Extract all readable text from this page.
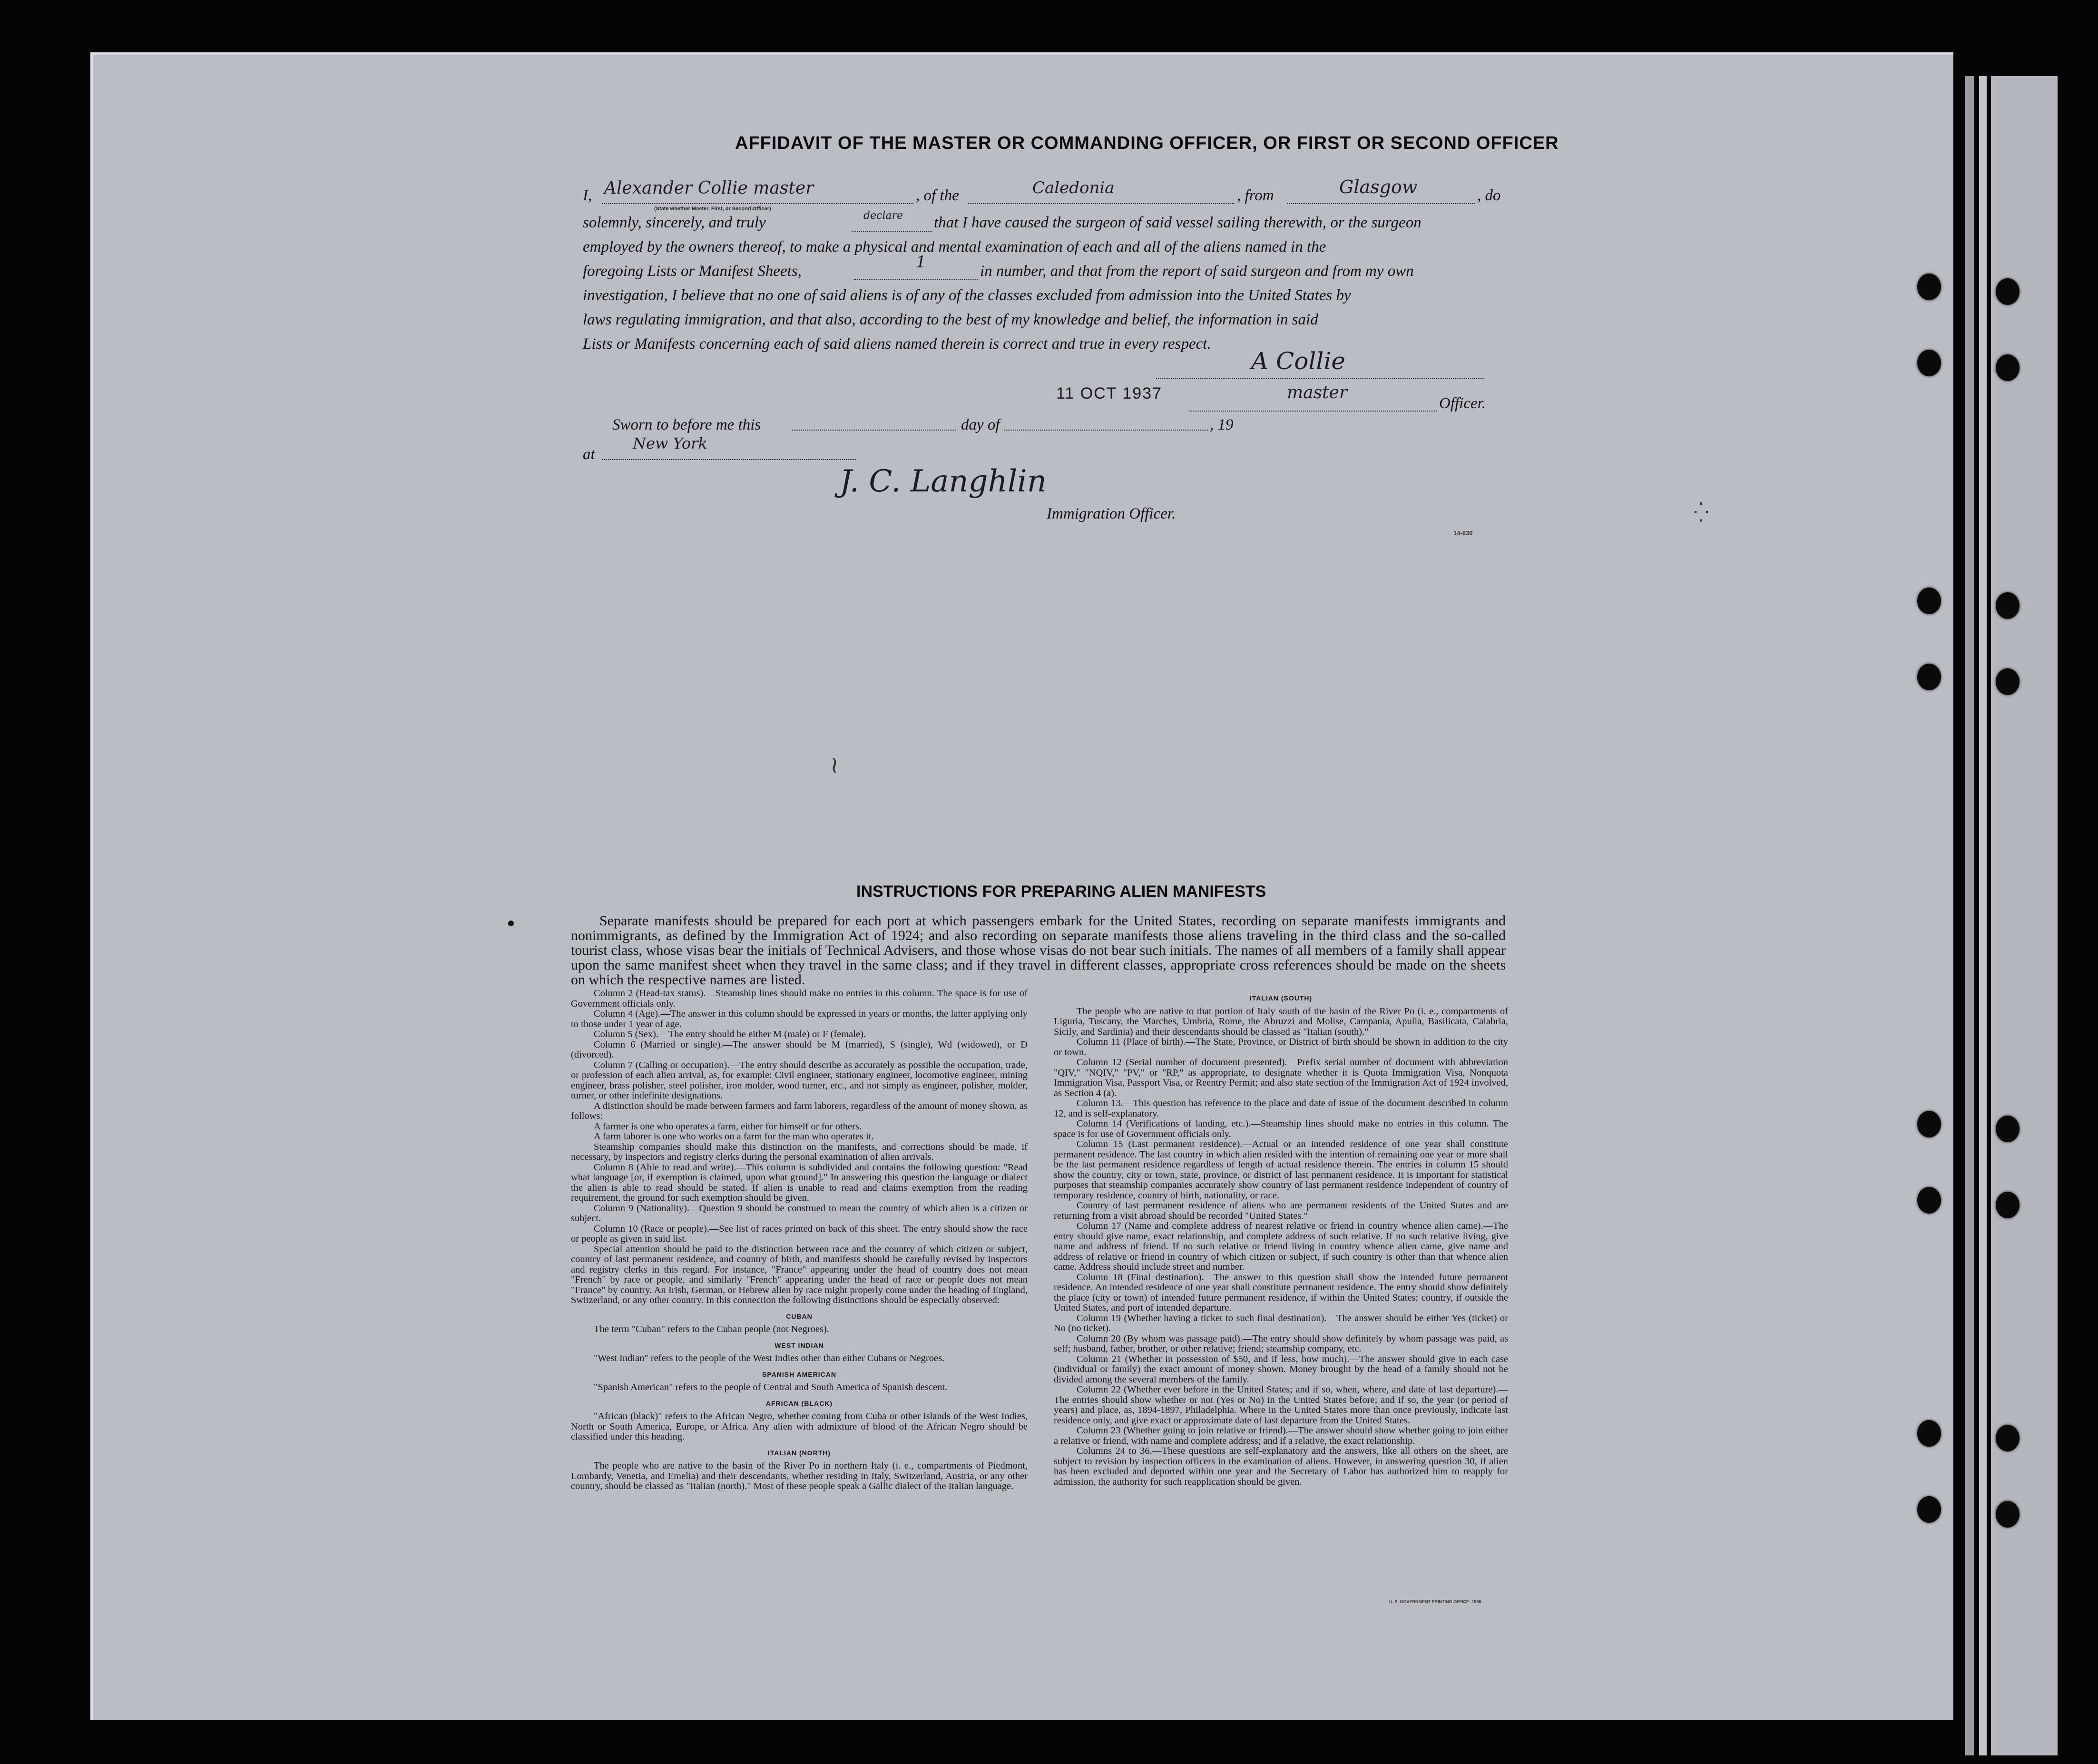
⁛
≀
AFFIDAVIT OF THE MASTER OR COMMANDING OFFICER, OR FIRST OR SECOND OFFICER
I, Alexander Collie master
(State whether Master, First, or Second Officer)
, of the	Caledonia	, from	Glasgow	, do
solemnly, sincerely, and truly	declare that I have caused the surgeon of said vessel sailing therewith, or the surgeon
employed by the owners thereof, to make a physical and mental examination of each and all of the aliens named in the
foregoing Lists or Manifest Sheets,	1	in number, and that from the report of said surgeon and from my own
investigation, I believe that no one of said aliens is of any of the classes excluded from admission into the United States by
laws regulating immigration, and that also, according to the best of my knowledge and belief, the information in said
Lists or Manifests concerning each of said aliens named therein is correct and true in every respect.
A Collie
master
Officer.
Sworn to before me this	day of	, 19
at
New York
J. C. Langhlin
Immigration Officer.
11 OCT 1937
14-630
INSTRUCTIONS FOR PREPARING ALIEN MANIFESTS

Separate manifests should be prepared for each port at which passengers embark for the United States, recording on separate manifests immigrants and nonimmigrants, as defined by the Immigration Act of 1924; and also recording on separate manifests those aliens traveling in the third class and the so-called tourist class, whose visas bear the initials of Technical Advisers, and those whose visas do not bear such initials. The names of all members of a family shall appear upon the same manifest sheet when they travel in the same class; and if they travel in different classes, appropriate cross references should be made on the sheets on which the respective names are listed.

Column 2 (Head-tax status).—Steamship lines should make no entries in this column. The space is for use of Government officials only.

Column 4 (Age).—The answer in this column should be expressed in years or months, the latter applying only to those under 1 year of age.

Column 5 (Sex).—The entry should be either M (male) or F (female).

Column 6 (Married or single).—The answer should be M (married), S (single), Wd (widowed), or D (divorced).

Column 7 (Calling or occupation).—The entry should describe as accurately as possible the occupation, trade, or profession of each alien arrival, as, for example: Civil engineer, stationary engineer, locomotive engineer, mining engineer, brass polisher, steel polisher, iron molder, wood turner, etc., and not simply as engineer, polisher, molder, turner, or other indefinite designations.

A distinction should be made between farmers and farm laborers, regardless of the amount of money shown, as follows:

A farmer is one who operates a farm, either for himself or for others.

A farm laborer is one who works on a farm for the man who operates it.

Steamship companies should make this distinction on the manifests, and corrections should be made, if necessary, by inspectors and registry clerks during the personal examination of alien arrivals.

Column 8 (Able to read and write).—This column is subdivided and contains the following question: "Read what language [or, if exemption is claimed, upon what ground]." In answering this question the language or dialect the alien is able to read should be stated. If alien is unable to read and claims exemption from the reading requirement, the ground for such exemption should be given.

Column 9 (Nationality).—Question 9 should be construed to mean the country of which alien is a citizen or subject.

Column 10 (Race or people).—See list of races printed on back of this sheet. The entry should show the race or people as given in said list.

Special attention should be paid to the distinction between race and the country of which citizen or subject, country of last permanent residence, and country of birth, and manifests should be carefully revised by inspectors and registry clerks in this regard. For instance, "France" appearing under the head of country does not mean "French" by race or people, and similarly "French" appearing under the head of race or people does not mean "France" by country. An Irish, German, or Hebrew alien by race might properly come under the heading of England, Switzerland, or any other country. In this connection the following distinctions should be especially observed:

CUBAN

The term "Cuban" refers to the Cuban people (not Negroes).

WEST INDIAN

"West Indian" refers to the people of the West Indies other than either Cubans or Negroes.

SPANISH AMERICAN

"Spanish American" refers to the people of Central and South America of Spanish descent.

AFRICAN (BLACK)

"African (black)" refers to the African Negro, whether coming from Cuba or other islands of the West Indies, North or South America, Europe, or Africa. Any alien with admixture of blood of the African Negro should be classified under this heading.

ITALIAN (NORTH)

The people who are native to the basin of the River Po in northern Italy (i. e., compartments of Piedmont, Lombardy, Venetia, and Emelia) and their descendants, whether residing in Italy, Switzerland, Austria, or any other country, should be classed as "Italian (north)." Most of these people speak a Gallic dialect of the Italian language.

ITALIAN (SOUTH)

The people who are native to that portion of Italy south of the basin of the River Po (i. e., compartments of Liguria, Tuscany, the Marches, Umbria, Rome, the Abruzzi and Molise, Campania, Apulia, Basilicata, Calabria, Sicily, and Sardinia) and their descendants should be classed as "Italian (south)."

Column 11 (Place of birth).—The State, Province, or District of birth should be shown in addition to the city or town.

Column 12 (Serial number of document presented).—Prefix serial number of document with abbreviation "QIV," "NQIV," "PV," or "RP," as appropriate, to designate whether it is Quota Immigration Visa, Nonquota Immigration Visa, Passport Visa, or Reentry Permit; and also state section of the Immigration Act of 1924 involved, as Section 4 (a).

Column 13.—This question has reference to the place and date of issue of the document described in column 12, and is self-explanatory.

Column 14 (Verifications of landing, etc.).—Steamship lines should make no entries in this column. The space is for use of Government officials only.

Column 15 (Last permanent residence).—Actual or an intended residence of one year shall constitute permanent residence. The last country in which alien resided with the intention of remaining one year or more shall be the last permanent residence regardless of length of actual residence therein. The entries in column 15 should show the country, city or town, state, province, or district of last permanent residence. It is important for statistical purposes that steamship companies accurately show country of last permanent residence independent of country of temporary residence, country of birth, nationality, or race.

Country of last permanent residence of aliens who are permanent residents of the United States and are returning from a visit abroad should be recorded "United States."

Column 17 (Name and complete address of nearest relative or friend in country whence alien came).—The entry should give name, exact relationship, and complete address of such relative. If no such relative living, give name and address of friend. If no such relative or friend living in country whence alien came, give name and address of relative or friend in country of which citizen or subject, if such country is other than that whence alien came. Address should include street and number.

Column 18 (Final destination).—The answer to this question shall show the intended future permanent residence. An intended residence of one year shall constitute permanent residence. The entry should show definitely the place (city or town) of intended future permanent residence, if within the United States; country, if outside the United States, and port of intended departure.

Column 19 (Whether having a ticket to such final destination).—The answer should be either Yes (ticket) or No (no ticket).

Column 20 (By whom was passage paid).—The entry should show definitely by whom passage was paid, as self; husband, father, brother, or other relative; friend; steamship company, etc.

Column 21 (Whether in possession of $50, and if less, how much).—The answer should give in each case (individual or family) the exact amount of money shown. Money brought by the head of a family should not be divided among the several members of the family.

Column 22 (Whether ever before in the United States; and if so, when, where, and date of last departure).—The entries should show whether or not (Yes or No) in the United States before; and if so, the year (or period of years) and place, as, 1894-1897, Philadelphia. Where in the United States more than once previously, indicate last residence only, and give exact or approximate date of last departure from the United States.

Column 23 (Whether going to join relative or friend).—The answer should show whether going to join either a relative or friend, with name and complete address; and if a relative, the exact relationship.

Columns 24 to 36.—These questions are self-explanatory and the answers, like all others on the sheet, are subject to revision by inspection officers in the examination of aliens. However, in answering question 30, if alien has been excluded and deported within one year and the Secretary of Labor has authorized him to reapply for admission, the authority for such reapplication should be given.

U. S. GOVERNMENT PRINTING OFFICE: 1935
